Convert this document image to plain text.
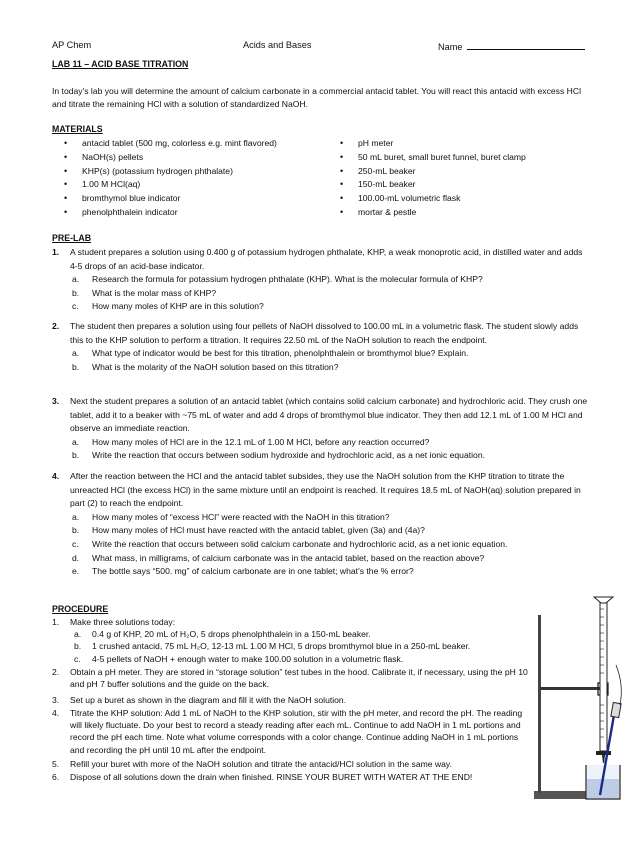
AP Chem	Acids and Bases	Name
LAB 11 – ACID BASE TITRATION
In today's lab you will determine the amount of calcium carbonate in a commercial antacid tablet. You will react this antacid with excess HCl and titrate the remaining HCl with a solution of standardized NaOH.
MATERIALS
• antacid tablet (500 mg, colorless e.g. mint flavored)
• NaOH(s) pellets
• KHP(s) (potassium hydrogen phthalate)
• 1.00 M HCl(aq)
• bromthymol blue indicator
• phenolphthalein indicator
• pH meter
• 50 mL buret, small buret funnel, buret clamp
• 250-mL beaker
• 150-mL beaker
• 100.00-mL volumetric flask
• mortar & pestle
PRE-LAB
1.	A student prepares a solution using 0.400 g of potassium hydrogen phthalate, KHP, a weak monoprotic acid, in distilled water and adds 4-5 drops of an acid-base indicator.
a. Research the formula for potassium hydrogen phthalate (KHP). What is the molecular formula of KHP?
b. What is the molar mass of KHP?
c. How many moles of KHP are in this solution?
2.	The student then prepares a solution using four pellets of NaOH dissolved to 100.00 mL in a volumetric flask. The student slowly adds this to the KHP solution to perform a titration. It requires 22.50 mL of the NaOH solution to reach the endpoint.
a. What type of indicator would be best for this titration, phenolphthalein or bromthymol blue? Explain.
b. What is the molarity of the NaOH solution based on this titration?
3.	Next the student prepares a solution of an antacid tablet (which contains solid calcium carbonate) and hydrochloric acid. They crush one tablet, add it to a beaker with ~75 mL of water and add 4 drops of bromthymol blue indicator. They then add 12.1 mL of 1.00 M HCl and observe an immediate reaction.
a. How many moles of HCl are in the 12.1 mL of 1.00 M HCl, before any reaction occurred?
b. Write the reaction that occurs between sodium hydroxide and hydrochloric acid, as a net ionic equation.
4.	After the reaction between the HCl and the antacid tablet subsides, they use the NaOH solution from the KHP titration to titrate the unreacted HCl (the excess HCl) in the same mixture until an endpoint is reached. It requires 18.5 mL of NaOH(aq) solution prepared in part (2) to reach the endpoint.
a. How many moles of “excess HCl” were reacted with the NaOH in this titration?
b. How many moles of HCl must have reacted with the antacid tablet, given (3a) and (4a)?
c. Write the reaction that occurs between solid calcium carbonate and hydrochloric acid, as a net ionic equation.
d. What mass, in milligrams, of calcium carbonate was in the antacid tablet, based on the reaction above?
e. The bottle says “500. mg” of calcium carbonate are in one tablet; what's the % error?
PROCEDURE
1.	Make three solutions today:
a. 0.4 g of KHP, 20 mL of H₂O, 5 drops phenolphthalein in a 150-mL beaker.
b. 1 crushed antacid, 75 mL H₂O, 12-13 mL 1.00 M HCl, 5 drops bromthymol blue in a 250-mL beaker.
c. 4-5 pellets of NaOH + enough water to make 100.00 solution in a volumetric flask.
2.	Obtain a pH meter. They are stored in “storage solution” test tubes in the hood. Calibrate it, if necessary, using the pH 10 and pH 7 buffer solutions and the guide on the back.
3.	Set up a buret as shown in the diagram and fill it with the NaOH solution.
4.	Titrate the KHP solution: Add 1 mL of NaOH to the KHP solution, stir with the pH meter, and record the pH. The reading will likely fluctuate. Do your best to record a steady reading after each mL. Continue to add NaOH in 1 mL portions and record the pH each time. Note what volume corresponds with a color change. Continue adding NaOH in 1 mL portions and recording the pH until 10 mL after the endpoint.
5.	Refill your buret with more of the NaOH solution and titrate the antacid/HCl solution in the same way.
6.	Dispose of all solutions down the drain when finished. RINSE YOUR BURET WITH WATER AT THE END!
